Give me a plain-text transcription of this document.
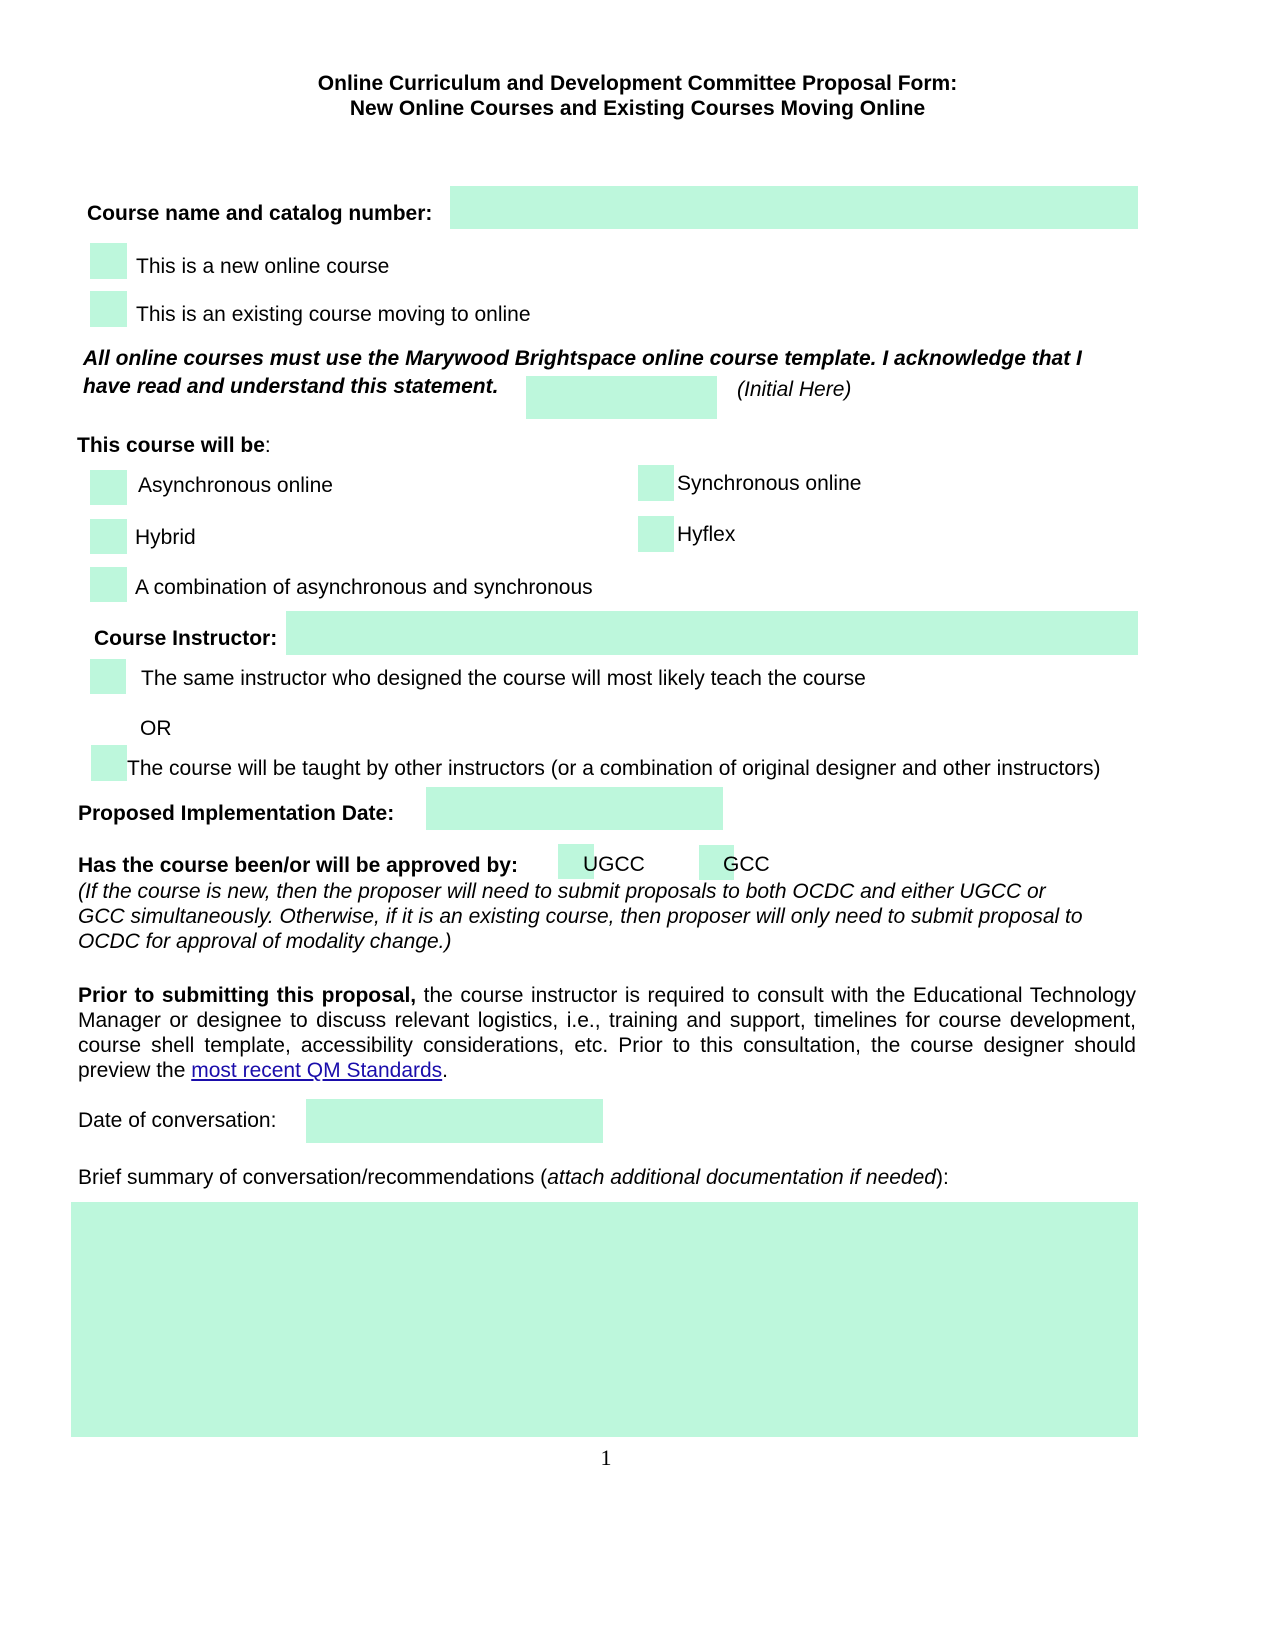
Online Curriculum and Development Committee Proposal Form:
New Online Courses and Existing Courses Moving Online
Course name and catalog number:
This is a new online course
This is an existing course moving to online
All online courses must use the Marywood Brightspace online course template. I acknowledge that I
have read and understand this statement.	(Initial Here)
This course will be:
Asynchronous online	Synchronous online
Hybrid	Hyflex
A combination of asynchronous and synchronous
Course Instructor:
The same instructor who designed the course will most likely teach the course
OR
The course will be taught by other instructors (or a combination of original designer and other instructors)
Proposed Implementation Date:
Has the course been/or will be approved by:	UGCC	GCC
(If the course is new, then the proposer will need to submit proposals to both OCDC and either UGCC or
GCC simultaneously. Otherwise, if it is an existing course, then proposer will only need to submit proposal to
OCDC for approval of modality change.)
Prior to submitting this proposal, the course instructor is required to consult with the Educational Technology Manager or designee to discuss relevant logistics, i.e., training and support, timelines for course development, course shell template, accessibility considerations, etc. Prior to this consultation, the course designer should preview the most recent QM Standards.
Date of conversation:
Brief summary of conversation/recommendations (attach additional documentation if needed):
1
